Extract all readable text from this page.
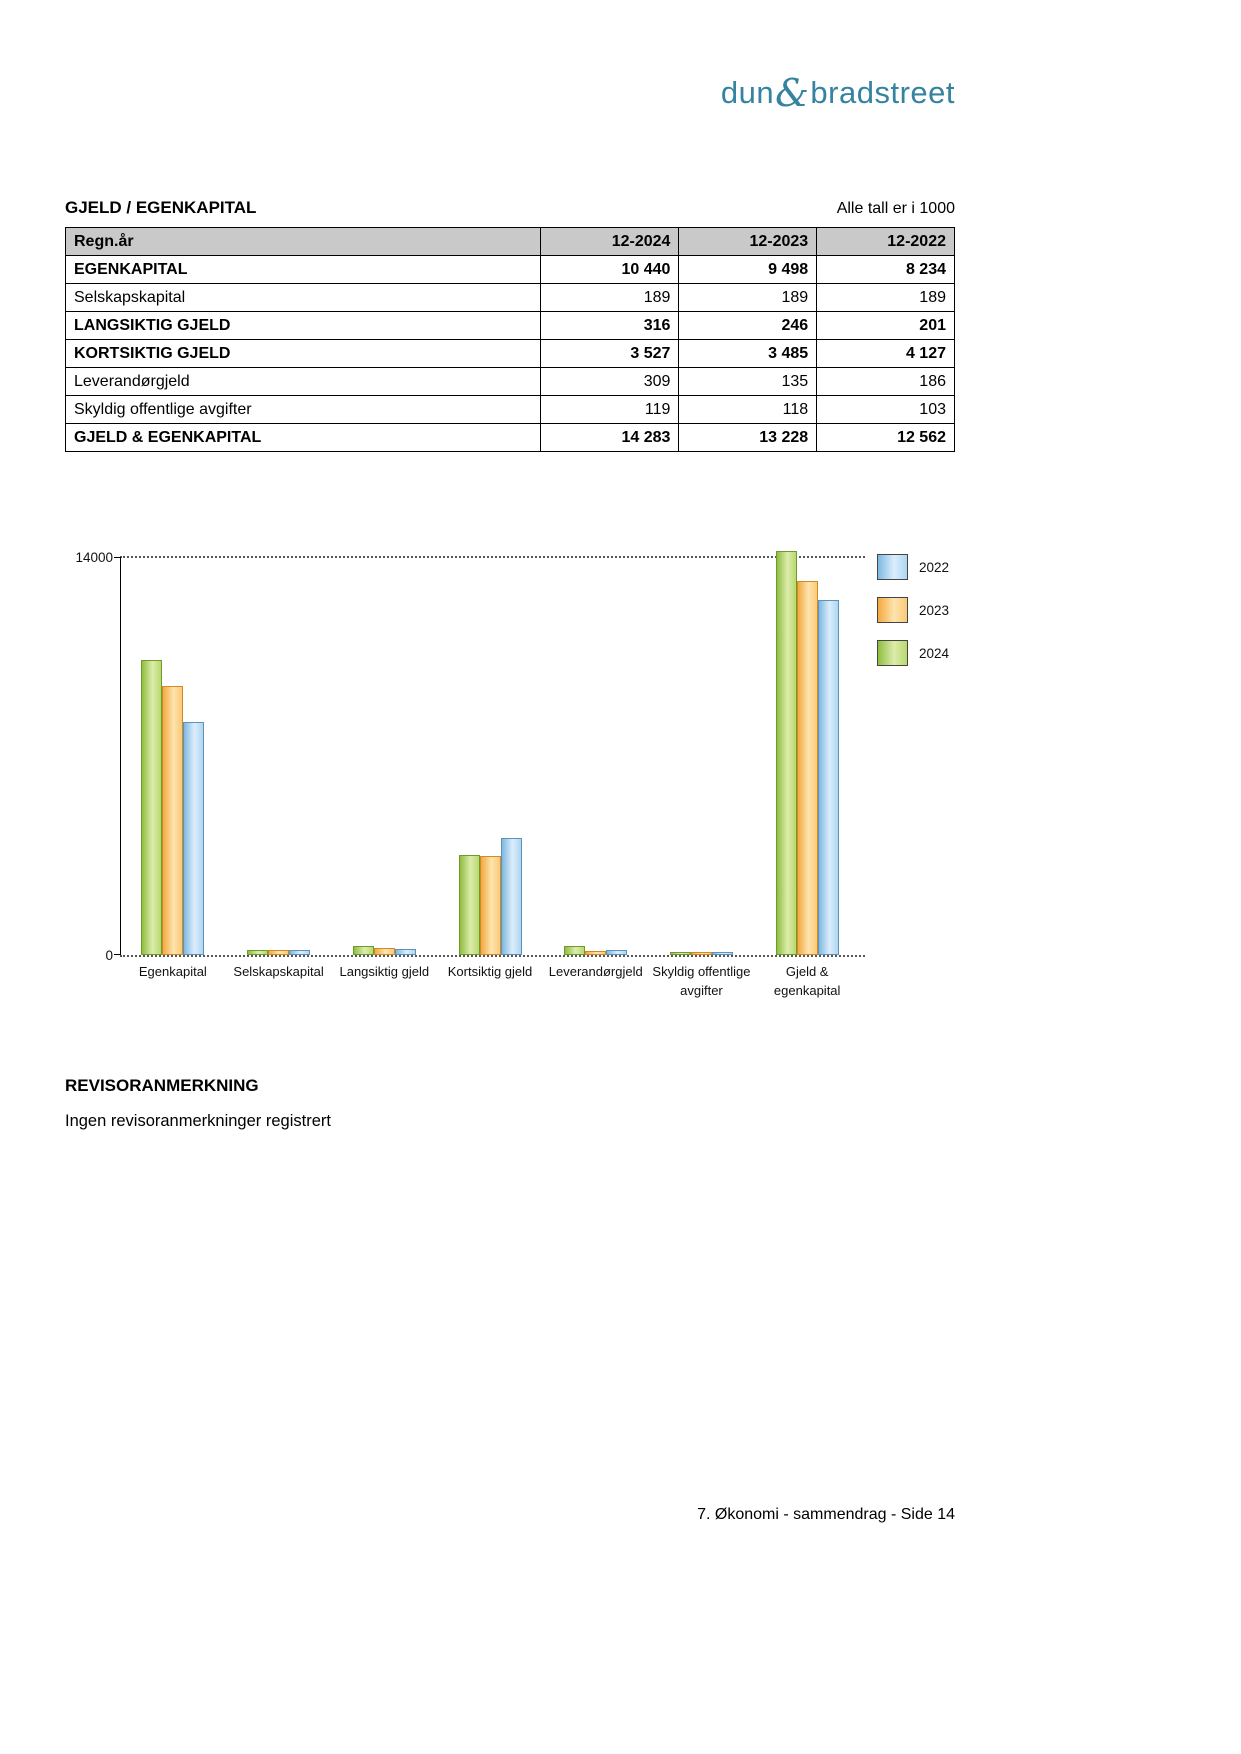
dun&bradstreet
GJELD / EGENKAPITAL	Alle tall er i 1000
Regn.år	12-2024	12-2023	12-2022
EGENKAPITAL	10 440	9 498	8 234
Selskapskapital	189	189	189
LANGSIKTIG GJELD	316	246	201
KORTSIKTIG GJELD	3 527	3 485	4 127
Leverandørgjeld	309	135	186
Skyldig offentlige avgifter	119	118	103
GJELD & EGENKAPITAL	14 283	13 228	12 562
14000
0
Egenkapital	Selskapskapital	Langsiktig gjeld	Kortsiktig gjeld	Leverandørgjeld Skyldig offentlige avgifter
Gjeld & egenkapital
2022
2023
2024
REVISORANMERKNING
Ingen revisoranmerkninger registrert
7. Økonomi - sammendrag - Side 14
